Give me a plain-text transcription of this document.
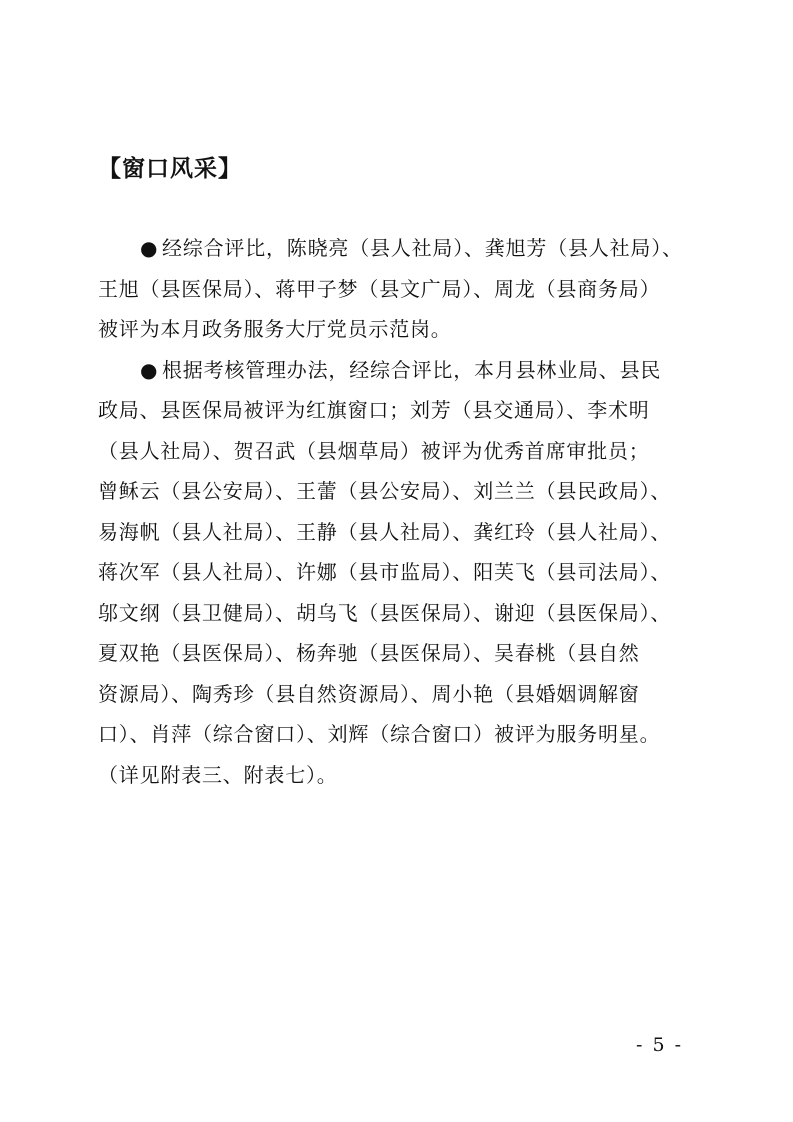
【窗口风采】
● 经综合评比，陈晓亮（县人社局）、龚旭芳（县人社局）、
王旭（县医保局）、蒋甲子梦（县文广局）、周龙（县商务局）
被评为本月政务服务大厅党员示范岗。
● 根据考核管理办法，经综合评比，本月县林业局、县民
政局、县医保局被评为红旗窗口；刘芳（县交通局）、李术明
（县人社局）、贺召武（县烟草局）被评为优秀首席审批员；
曾稣云（县公安局）、王蕾（县公安局）、刘兰兰（县民政局）、
易海帆（县人社局）、王静（县人社局）、龚红玲（县人社局）、
蒋次军（县人社局）、许娜（县市监局）、阳芙飞（县司法局）、
邬文纲（县卫健局）、胡乌飞（县医保局）、谢迎（县医保局）、
夏双艳（县医保局）、杨奔驰（县医保局）、吴春桃（县自然
资源局）、陶秀珍（县自然资源局）、周小艳（县婚姻调解窗
口）、肖萍（综合窗口）、刘辉（综合窗口）被评为服务明星。
（详见附表三、附表七）。
- 5 -
